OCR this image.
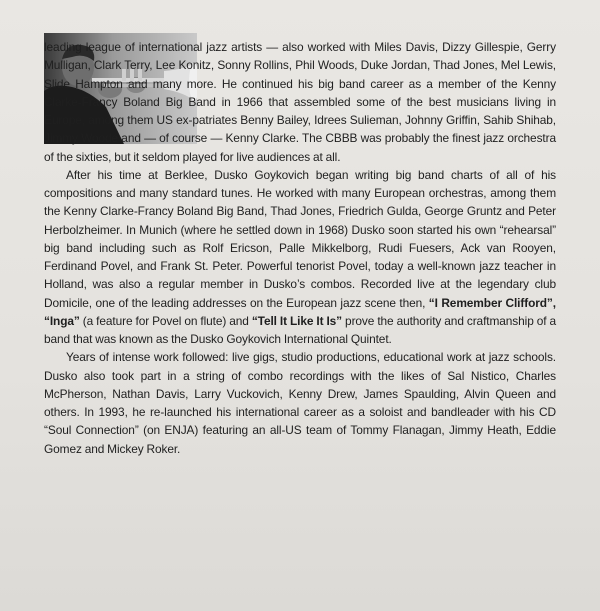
leading league of international jazz artists — also worked with Miles Davis, Dizzy Gillespie, Gerry Mulligan, Clark Terry, Lee Konitz, Sonny Rollins, Phil Woods, Duke Jordan, Thad Jones, Mel Lewis, Slide Hampton and many more. He continued his big band career as a member of the Kenny Clarke-Francy Boland Big Band in 1966 that assembled some of the best musicians living in Europe, among them US ex-patriates Benny Bailey, Idrees Sulieman, Johnny Griffin, Sahib Shihab, Jimmy Woode and — of course — Kenny Clarke. The CBBB was probably the finest jazz orchestra of the sixties, but it seldom played for live audiences at all.

After his time at Berklee, Dusko Goykovich began writing big band charts of all of his compositions and many standard tunes. He worked with many European orchestras, among them the Kenny Clarke-Francy Boland Big Band, Thad Jones, Friedrich Gulda, George Gruntz and Peter Herbolzheimer. In Munich (where he settled down in 1968) Dusko soon started his own “rehearsal” big band including such as Rolf Ericson, Palle Mikkelborg, Rudi Fuesers, Ack van Rooyen, Ferdinand Povel, and Frank St. Peter. Powerful tenorist Povel, today a well-known jazz teacher in Holland, was also a regular member in Dusko’s combos. Recorded live at the legendary club Domicile, one of the leading addresses on the European jazz scene then, “I Remember Clifford”, “Inga” (a feature for Povel on flute) and “Tell It Like It Is” prove the authority and craftmanship of a band that was known as the Dusko Goykovich International Quintet.

Years of intense work followed: live gigs, studio productions, educational work at jazz schools. Dusko also took part in a string of combo recordings with the likes of Sal Nistico, Charles McPherson, Nathan Davis, Larry Vuckovich, Kenny Drew, James Spaulding, Alvin Queen and others. In 1993, he re-launched his international career as a soloist and bandleader with his CD “Soul Connection” (on ENJA) featuring an all-US team of Tommy Flanagan, Jimmy Heath, Eddie Gomez and Mickey Roker.
